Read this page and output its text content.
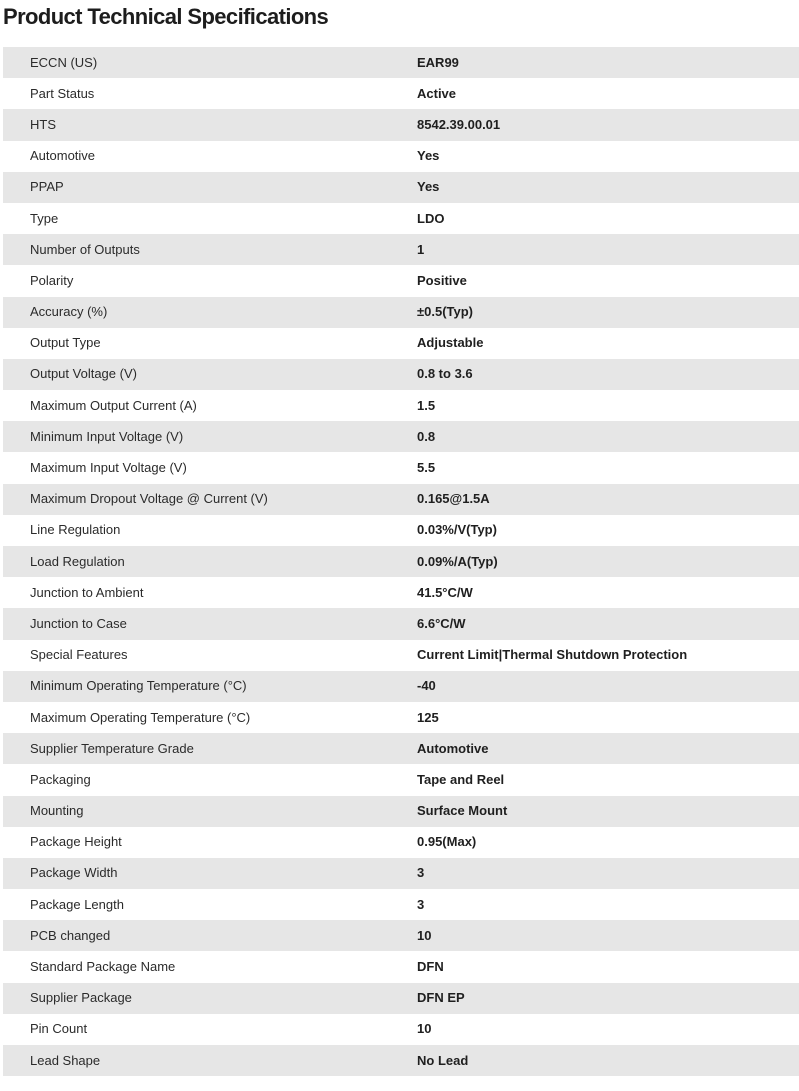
Product Technical Specifications
ECCN (US)	EAR99
Part Status	Active
HTS	8542.39.00.01
Automotive	Yes
PPAP	Yes
Type	LDO
Number of Outputs	1
Polarity	Positive
Accuracy (%)	±0.5(Typ)
Output Type	Adjustable
Output Voltage (V)	0.8 to 3.6
Maximum Output Current (A)	1.5
Minimum Input Voltage (V)	0.8
Maximum Input Voltage (V)	5.5
Maximum Dropout Voltage @ Current (V)	0.165@1.5A
Line Regulation	0.03%/V(Typ)
Load Regulation	0.09%/A(Typ)
Junction to Ambient	41.5°C/W
Junction to Case	6.6°C/W
Special Features	Current Limit|Thermal Shutdown Protection
Minimum Operating Temperature (°C)	-40
Maximum Operating Temperature (°C)	125
Supplier Temperature Grade	Automotive
Packaging	Tape and Reel
Mounting	Surface Mount
Package Height	0.95(Max)
Package Width	3
Package Length	3
PCB changed	10
Standard Package Name	DFN
Supplier Package	DFN EP
Pin Count	10
Lead Shape	No Lead
